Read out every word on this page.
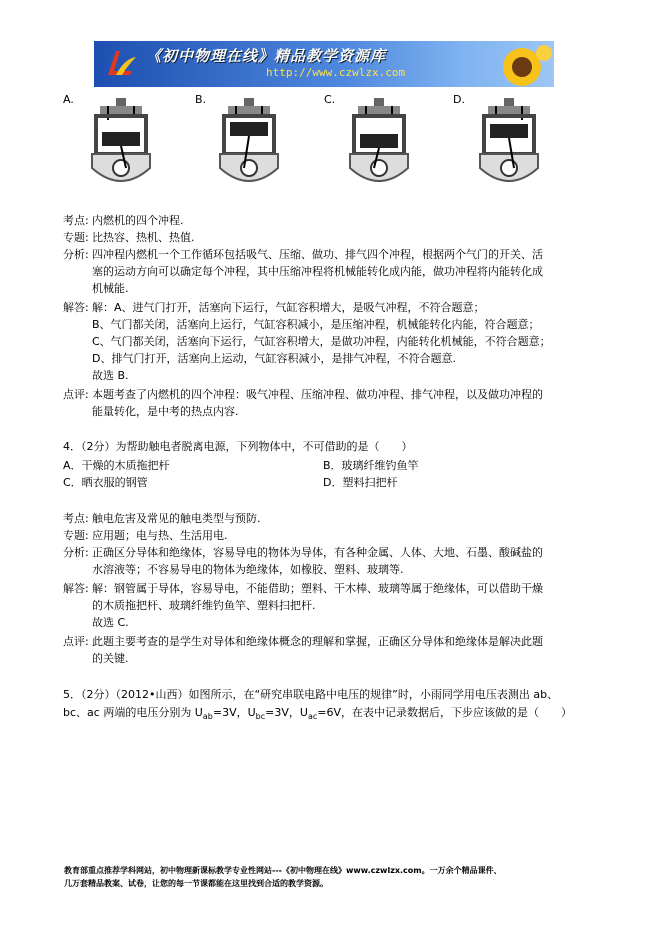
《初中物理在线》精品教学资源库
http://www.czwlzx.com
A.	B.	C.	D.
考点: 内燃机的四个冲程.
专题: 比热容、热机、热值.
分析: 四冲程内燃机一个工作循环包括吸气、压缩、做功、排气四个冲程，根据两个气门的开关、活
塞的运动方向可以确定每个冲程，其中压缩冲程将机械能转化成内能，做功冲程将内能转化成
机械能.
解答: 解：A、进气门打开，活塞向下运行，气缸容积增大，是吸气冲程，不符合题意；
B、气门都关闭，活塞向上运行，气缸容积减小，是压缩冲程，机械能转化内能，符合题意；
C、气门都关闭，活塞向下运行，气缸容积增大，是做功冲程，内能转化机械能，不符合题意；
D、排气门打开，活塞向上运动，气缸容积减小，是排气冲程，不符合题意.
故选 B.
点评: 本题考查了内燃机的四个冲程：吸气冲程、压缩冲程、做功冲程、排气冲程，以及做功冲程的
能量转化，是中考的热点内容.
4．（2分）为帮助触电者脱离电源，下列物体中，不可借助的是（　　）
A．干燥的木质拖把杆	B．玻璃纤维钓鱼竿
C．晒衣服的钢管	D．塑料扫把杆
考点: 触电危害及常见的触电类型与预防.
专题: 应用题；电与热、生活用电.
分析: 正确区分导体和绝缘体，容易导电的物体为导体，有各种金属、人体、大地、石墨、酸碱盐的
水溶液等；不容易导电的物体为绝缘体，如橡胶、塑料、玻璃等.
解答: 解：钢管属于导体，容易导电，不能借助；塑料、干木棒、玻璃等属于绝缘体，可以借助干燥
的木质拖把杆、玻璃纤维钓鱼竿、塑料扫把杆.
故选 C.
点评: 此题主要考查的是学生对导体和绝缘体概念的理解和掌握，正确区分导体和绝缘体是解决此题
的关键.
5．（2分）（2012•山西）如图所示，在“研究串联电路中电压的规律”时，小雨同学用电压表测出 ab、
bc、ac 两端的电压分别为 $U_{ab}=3V$，$U_{bc}=3V$，$U_{ac}=6V$，在表中记录数据后，下步应该做的是（　　）
教育部重点推荐学科网站，初中物理新课标教学专业性网站---《初中物理在线》www.czwlzx.com。一万余个精品课件、
几万套精品教案、试卷，让您的每一节课都能在这里找到合适的教学资源。
